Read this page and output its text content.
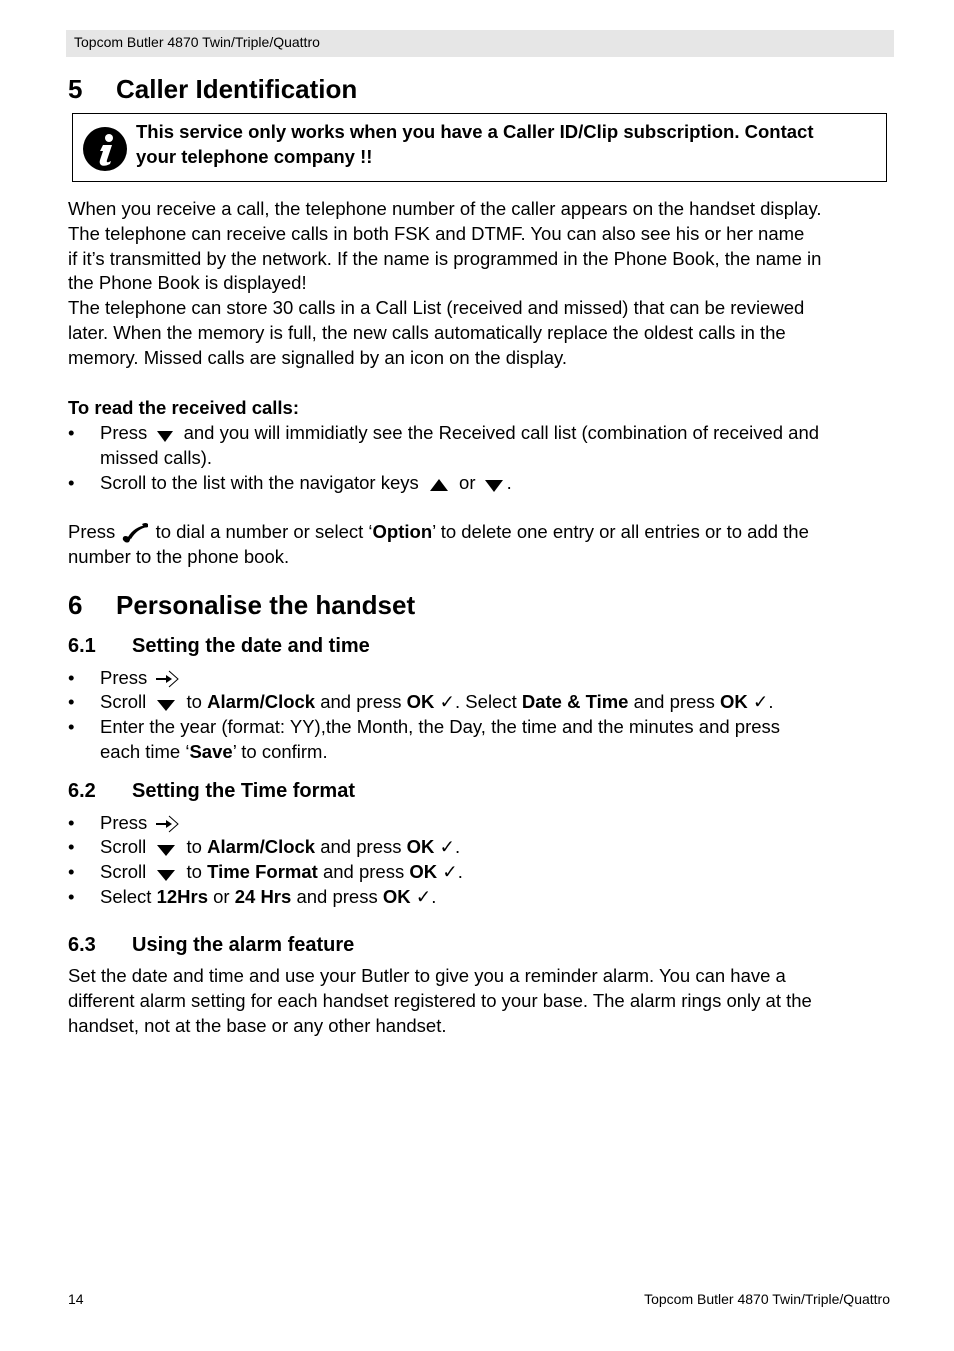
Topcom Butler 4870 Twin/Triple/Quattro
5 Caller Identification
This service only works when you have a Caller ID/Clip subscription. Contact
your telephone company !!
When you receive a call, the telephone number of the caller appears on the handset display.
The telephone can receive calls in both FSK and DTMF. You can also see his or her name
if it’s transmitted by the network. If the name is programmed in the Phone Book, the name in
the Phone Book is displayed!
The telephone can store 30 calls in a Call List (received and missed) that can be reviewed
later. When the memory is full, the new calls automatically replace the oldest calls in the
memory. Missed calls are signalled by an icon on the display.
To read the received calls:
• Press and you will immidiatly see the Received call list (combination of received and
missed calls).
• Scroll to the list with the navigator keys or .
Press to dial a number or select ‘Option’ to delete one entry or all entries or to add the
number to the phone book.
6 Personalise the handset
6.1 Setting the date and time
• Press
• Scroll to Alarm/Clock and press OK ✓. Select Date & Time and press OK ✓.
• Enter the year (format: YY),the Month, the Day, the time and the minutes and press
each time ‘Save’ to confirm.
6.2 Setting the Time format
• Press
• Scroll to Alarm/Clock and press OK ✓.
• Scroll to Time Format and press OK ✓.
• Select 12Hrs or 24 Hrs and press OK ✓.
6.3 Using the alarm feature
Set the date and time and use your Butler to give you a reminder alarm. You can have a
different alarm setting for each handset registered to your base. The alarm rings only at the
handset, not at the base or any other handset.
14	Topcom Butler 4870 Twin/Triple/Quattro
